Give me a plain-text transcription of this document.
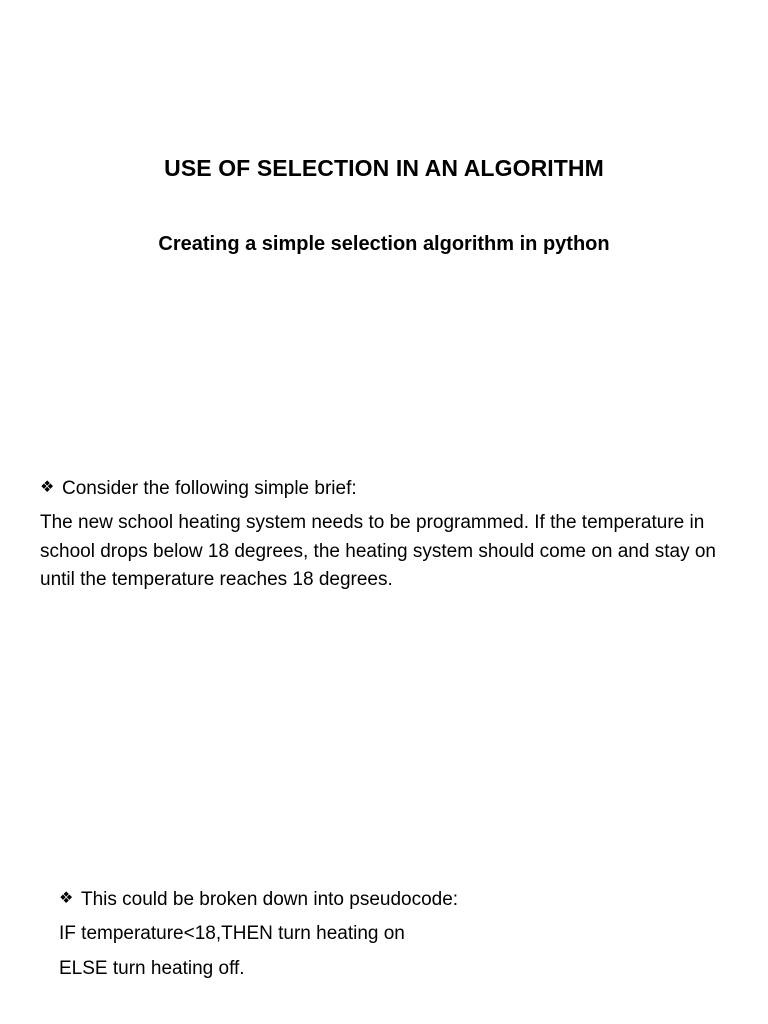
USE OF SELECTION IN AN ALGORITHM
Creating a simple selection algorithm in python
❖ Consider the following simple brief:
The new school heating system needs to be programmed. If the temperature in school drops below 18 degrees, the heating system should come on and stay on until the temperature reaches 18 degrees.
❖ This could be broken down into pseudocode:
IF temperature<18,THEN turn heating on
ELSE turn heating off.
